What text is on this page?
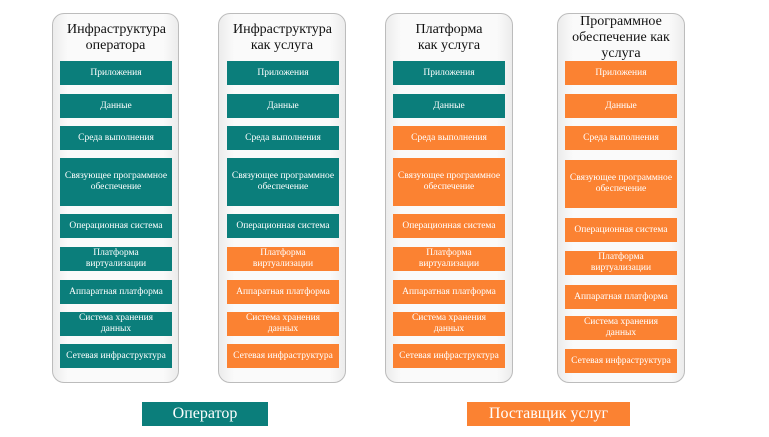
Инфраструктура оператора
Инфраструктура как услуга
Платформа как услуга
Программное обеспечение как услуга
Приложения
Данные
Среда выполнения
Связующее программное обеспечение
Операционная система
Платформа виртуализации
Аппаратная платформа
Система хранения данных
Сетевая инфраструктура
Приложения
Данные
Среда выполнения
Связующее программное обеспечение
Операционная система
Платформа виртуализации
Аппаратная платформа
Система хранения данных
Сетевая инфраструктура
Приложения
Данные
Среда выполнения
Связующее программное обеспечение
Операционная система
Платформа виртуализации
Аппаратная платформа
Система хранения данных
Сетевая инфраструктура
Приложения
Данные
Среда выполнения
Связующее программное обеспечение
Операционная система
Платформа виртуализации
Аппаратная платформа
Система хранения данных
Сетевая инфраструктура
Оператор	Поставщик услуг
